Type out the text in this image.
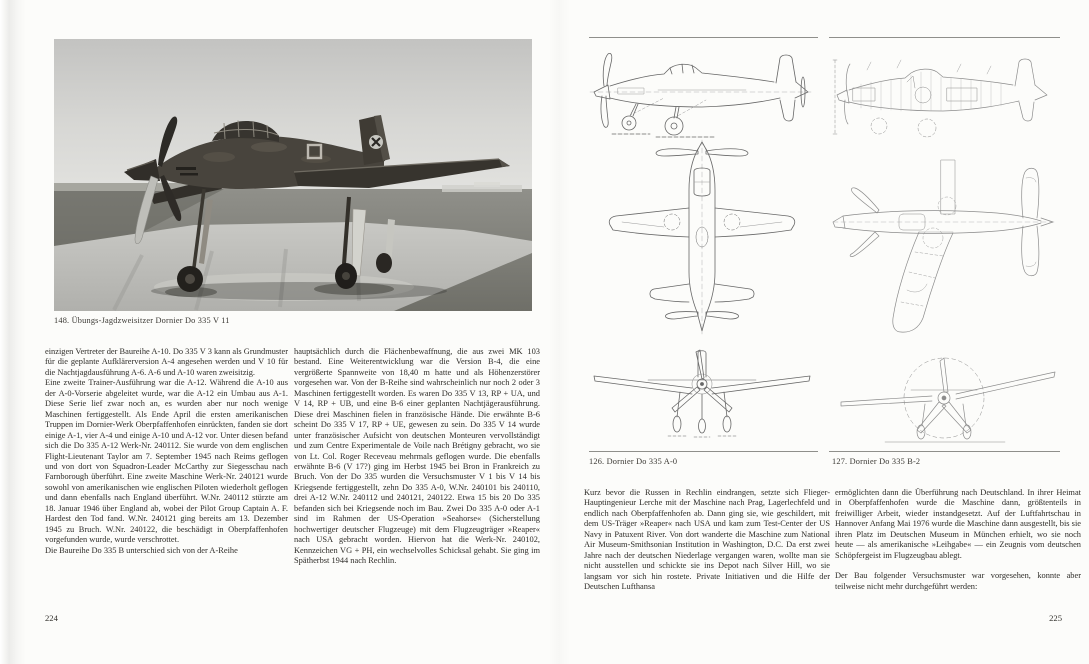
148. Übungs-Jagdzweisitzer Dornier Do 335 V 11

einzigen Vertreter der Baureihe A-10. Do 335 V 3 kann als Grundmuster für die geplante Aufklärerversion A-4 angesehen werden und V 10 für die Nachtjagdausführung A-6. A-6 und A-10 waren zweisitzig.

Eine zweite Trainer-Ausführung war die A-12. Während die A-10 aus der A-0-Vorserie abgeleitet wurde, war die A-12 ein Umbau aus A-1. Diese Serie lief zwar noch an, es wurden aber nur noch wenige Maschinen fertiggestellt. Als Ende April die ersten amerikanischen Truppen im Dornier-Werk Oberpfaffenhofen einrückten, fanden sie dort einige A-1, vier A-4 und einige A-10 und A-12 vor. Unter diesen befand sich die Do 335 A-12 Werk-Nr. 240112. Sie wurde von dem englischen Flight-Lieutenant Taylor am 7. September 1945 nach Reims geflogen und von dort von Squadron-Leader McCarthy zur Siegesschau nach Farnborough überführt. Eine zweite Maschine Werk-Nr. 240121 wurde sowohl von amerikanischen wie englischen Piloten wiederholt geflogen und dann ebenfalls nach England überführt. W.Nr. 240112 stürzte am 18. Januar 1946 über England ab, wobei der Pilot Group Captain A. F. Hardest den Tod fand. W.Nr. 240121 ging bereits am 13. Dezember 1945 zu Bruch. W.Nr. 240122, die beschädigt in Oberpfaffenhofen vorgefunden wurde, wurde verschrottet.

Die Baureihe Do 335 B unterschied sich von der A-Reihe

hauptsächlich durch die Flächenbewaffnung, die aus zwei MK 103 bestand. Eine Weiterentwicklung war die Version B-4, die eine vergrößerte Spannweite von 18,40 m hatte und als Höhenzerstörer vorgesehen war. Von der B-Reihe sind wahrscheinlich nur noch 2 oder 3 Maschinen fertiggestellt worden. Es waren Do 335 V 13, RP + UA, und V 14, RP + UB, und eine B-6 einer geplanten Nachtjägerausführung. Diese drei Maschinen fielen in französische Hände. Die erwähnte B-6 scheint Do 335 V 17, RP + UE, gewesen zu sein. Do 335 V 14 wurde unter französischer Aufsicht von deutschen Monteuren vervollständigt und zum Centre Experimentale de Voile nach Brétigny gebracht, wo sie von Lt. Col. Roger Receveau mehrmals geflogen wurde. Die ebenfalls erwähnte B-6 (V 17?) ging im Herbst 1945 bei Bron in Frankreich zu Bruch. Von der Do 335 wurden die Versuchsmuster V 1 bis V 14 bis Kriegsende fertiggestellt, zehn Do 335 A-0, W.Nr. 240101 bis 240110, drei A-12 W.Nr. 240112 und 240121, 240122. Etwa 15 bis 20 Do 335 befanden sich bei Kriegsende noch im Bau. Zwei Do 335 A-0 oder A-1 sind im Rahmen der US-Operation »Seahorse« (Sicherstellung hochwertiger deutscher Flugzeuge) mit dem Flugzeugträger »Reaper« nach USA gebracht worden. Hiervon hat die Werk-Nr. 240102, Kennzeichen VG + PH, ein wechselvolles Schicksal gehabt. Sie ging im Spätherbst 1944 nach Rechlin.

224
126. Dornier Do 335 A-0	127. Dornier Do 335 B-2

Kurz bevor die Russen in Rechlin eindrangen, setzte sich Flieger-Hauptingenieur Lerche mit der Maschine nach Prag, Lagerlechfeld und endlich nach Oberpfaffenhofen ab. Dann ging sie, wie geschildert, mit dem US-Träger »Reaper« nach USA und kam zum Test-Center der US Navy in Patuxent River. Von dort wanderte die Maschine zum National Air Museum-Smithsonian Institution in Washington, D.C. Da erst zwei Jahre nach der deutschen Niederlage vergangen waren, wollte man sie nicht ausstellen und schickte sie ins Depot nach Silver Hill, wo sie langsam vor sich hin rostete. Private Initiativen und die Hilfe der Deutschen Lufthansa

ermöglichten dann die Überführung nach Deutschland. In ihrer Heimat in Oberpfaffenhofen wurde die Maschine dann, größtenteils in freiwilliger Arbeit, wieder instandgesetzt. Auf der Luftfahrtschau in Hannover Anfang Mai 1976 wurde die Maschine dann ausgestellt, bis sie ihren Platz im Deutschen Museum in München erhielt, wo sie noch heute — als amerikanische »Leihgabe« — ein Zeugnis vom deutschen Schöpfergeist im Flugzeugbau ablegt.

Der Bau folgender Versuchsmuster war vorgesehen, konnte aber teilweise nicht mehr durchgeführt werden:

225
